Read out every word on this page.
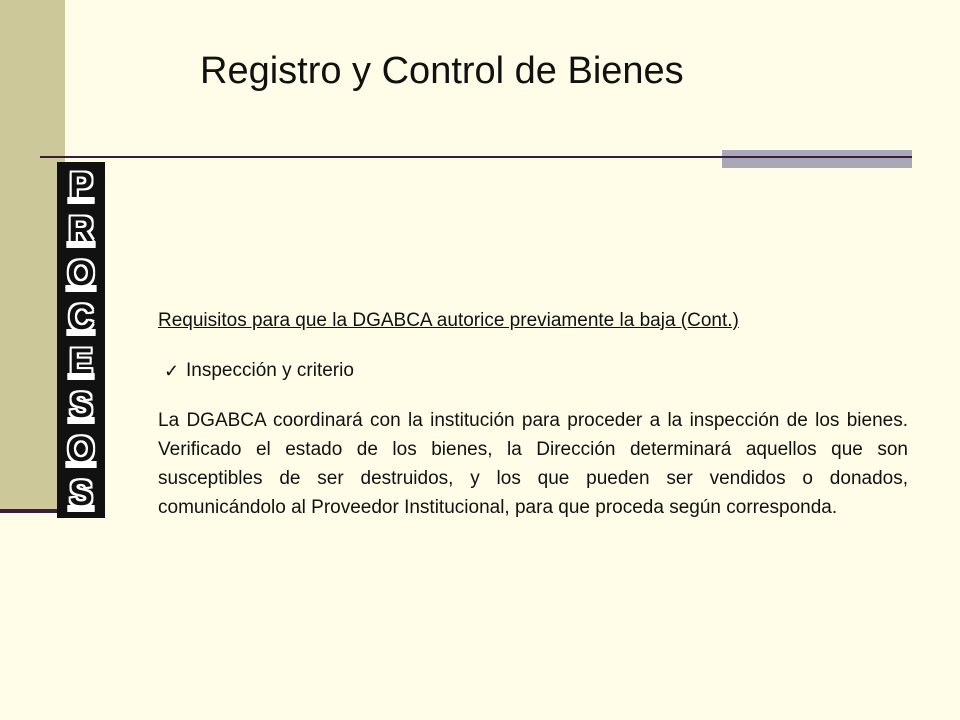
Registro y Control de Bienes
P
R
O
C
E
S
O
S

Requisitos para que la DGABCA autorice previamente la baja (Cont.)

✓ Inspección y criterio

La DGABCA coordinará con la institución para proceder a la inspección de los bienes. Verificado el estado de los bienes, la Dirección determinará aquellos que son susceptibles de ser destruidos, y los que pueden ser vendidos o donados, comunicándolo al Proveedor Institucional, para que proceda según corresponda.
